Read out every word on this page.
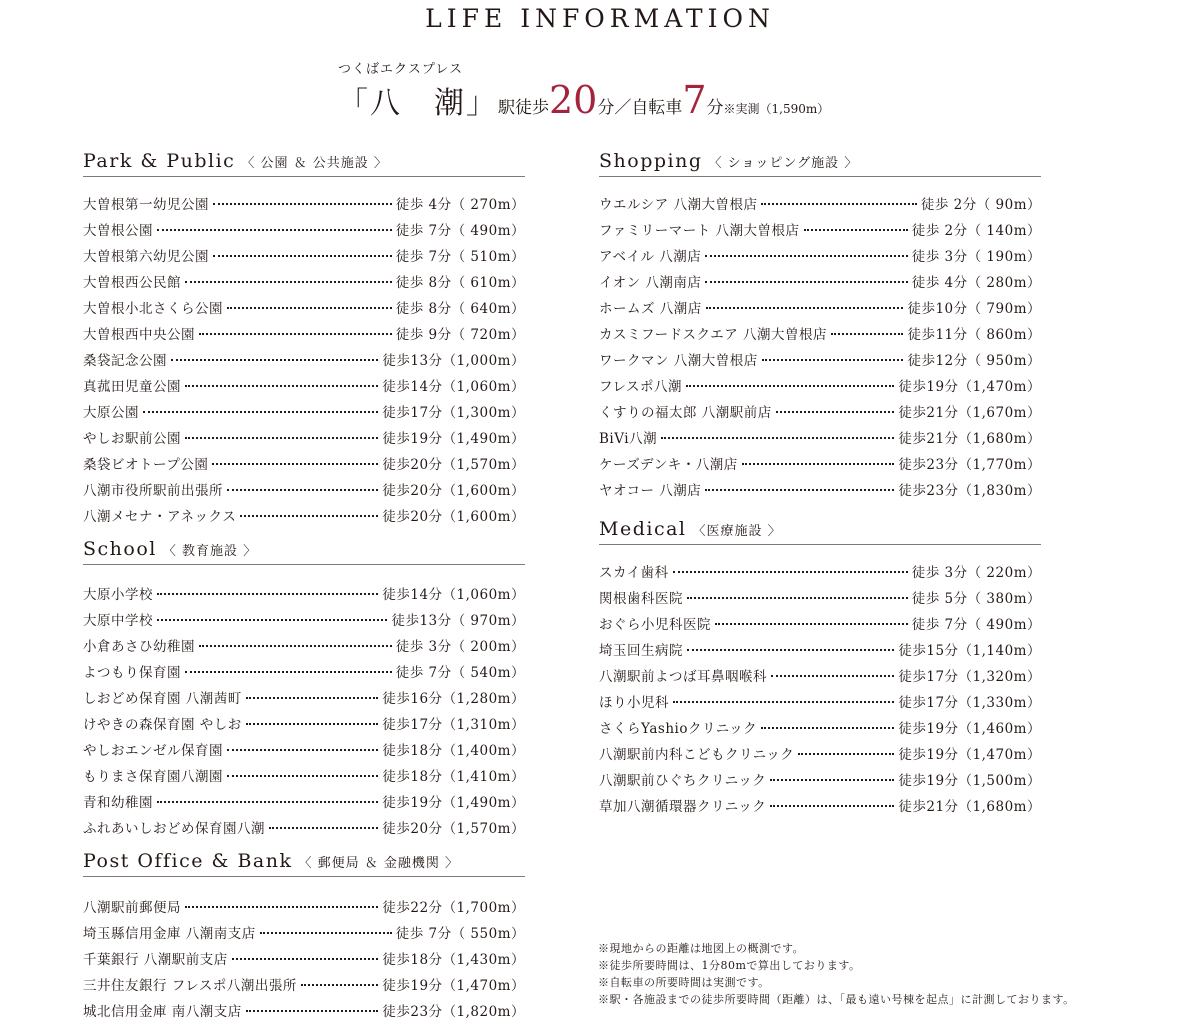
LIFE INFORMATION
つくばエクスプレス
「八　潮」駅徒歩20分／自転車7分※実測（1,590m）
Park & Public 〈 公園 ＆ 公共施設 〉
大曽根第一幼児公園	徒歩 4分（ 270m）
大曽根公園	徒歩 7分（ 490m）
大曽根第六幼児公園	徒歩 7分（ 510m）
大曽根西公民館	徒歩 8分（ 610m）
大曽根小北さくら公園	徒歩 8分（ 640m）
大曽根西中央公園	徒歩 9分（ 720m）
桑袋記念公園	徒歩13分（1,000m）
真菰田児童公園	徒歩14分（1,060m）
大原公園	徒歩17分（1,300m）
やしお駅前公園	徒歩19分（1,490m）
桑袋ビオトープ公園	徒歩20分（1,570m）
八潮市役所駅前出張所	徒歩20分（1,600m）
八潮メセナ・アネックス	徒歩20分（1,600m）
School 〈 教育施設 〉
大原小学校	徒歩14分（1,060m）
大原中学校	徒歩13分（ 970m）
小倉あさひ幼稚園	徒歩 3分（ 200m）
よつもり保育園	徒歩 7分（ 540m）
しおどめ保育園 八潮茜町	徒歩16分（1,280m）
けやきの森保育園 やしお	徒歩17分（1,310m）
やしおエンゼル保育園	徒歩18分（1,400m）
もりまさ保育園八潮園	徒歩18分（1,410m）
青和幼稚園	徒歩19分（1,490m）
ふれあいしおどめ保育園八潮	徒歩20分（1,570m）
Post Office & Bank 〈 郵便局 ＆ 金融機関 〉
八潮駅前郵便局	徒歩22分（1,700m）
埼玉縣信用金庫 八潮南支店	徒歩 7分（ 550m）
千葉銀行 八潮駅前支店	徒歩18分（1,430m）
三井住友銀行 フレスポ八潮出張所	徒歩19分（1,470m）
城北信用金庫 南八潮支店	徒歩23分（1,820m）
Shopping 〈 ショッピング施設 〉
ウエルシア 八潮大曽根店	徒歩 2分（ 90m）
ファミリーマート 八潮大曽根店	徒歩 2分（ 140m）
アベイル 八潮店	徒歩 3分（ 190m）
イオン 八潮南店	徒歩 4分（ 280m）
ホームズ 八潮店	徒歩10分（ 790m）
カスミフードスクエア 八潮大曽根店	徒歩11分（ 860m）
ワークマン 八潮大曽根店	徒歩12分（ 950m）
フレスポ八潮	徒歩19分（1,470m）
くすりの福太郎 八潮駅前店	徒歩21分（1,670m）
BiVi八潮	徒歩21分（1,680m）
ケーズデンキ・八潮店	徒歩23分（1,770m）
ヤオコー 八潮店	徒歩23分（1,830m）
Medical 〈医療施設 〉
スカイ歯科	徒歩 3分（ 220m）
関根歯科医院	徒歩 5分（ 380m）
おぐら小児科医院	徒歩 7分（ 490m）
埼玉回生病院	徒歩15分（1,140m）
八潮駅前よつば耳鼻咽喉科	徒歩17分（1,320m）
ほり小児科	徒歩17分（1,330m）
さくらYashioクリニック	徒歩19分（1,460m）
八潮駅前内科こどもクリニック	徒歩19分（1,470m）
八潮駅前ひぐちクリニック	徒歩19分（1,500m）
草加八潮循環器クリニック	徒歩21分（1,680m）
※現地からの距離は地図上の概測です。
※徒歩所要時間は、1分80mで算出しております。
※自転車の所要時間は実測です。
※駅・各施設までの徒歩所要時間（距離）は、「最も遠い号棟を起点」に計測しております。
